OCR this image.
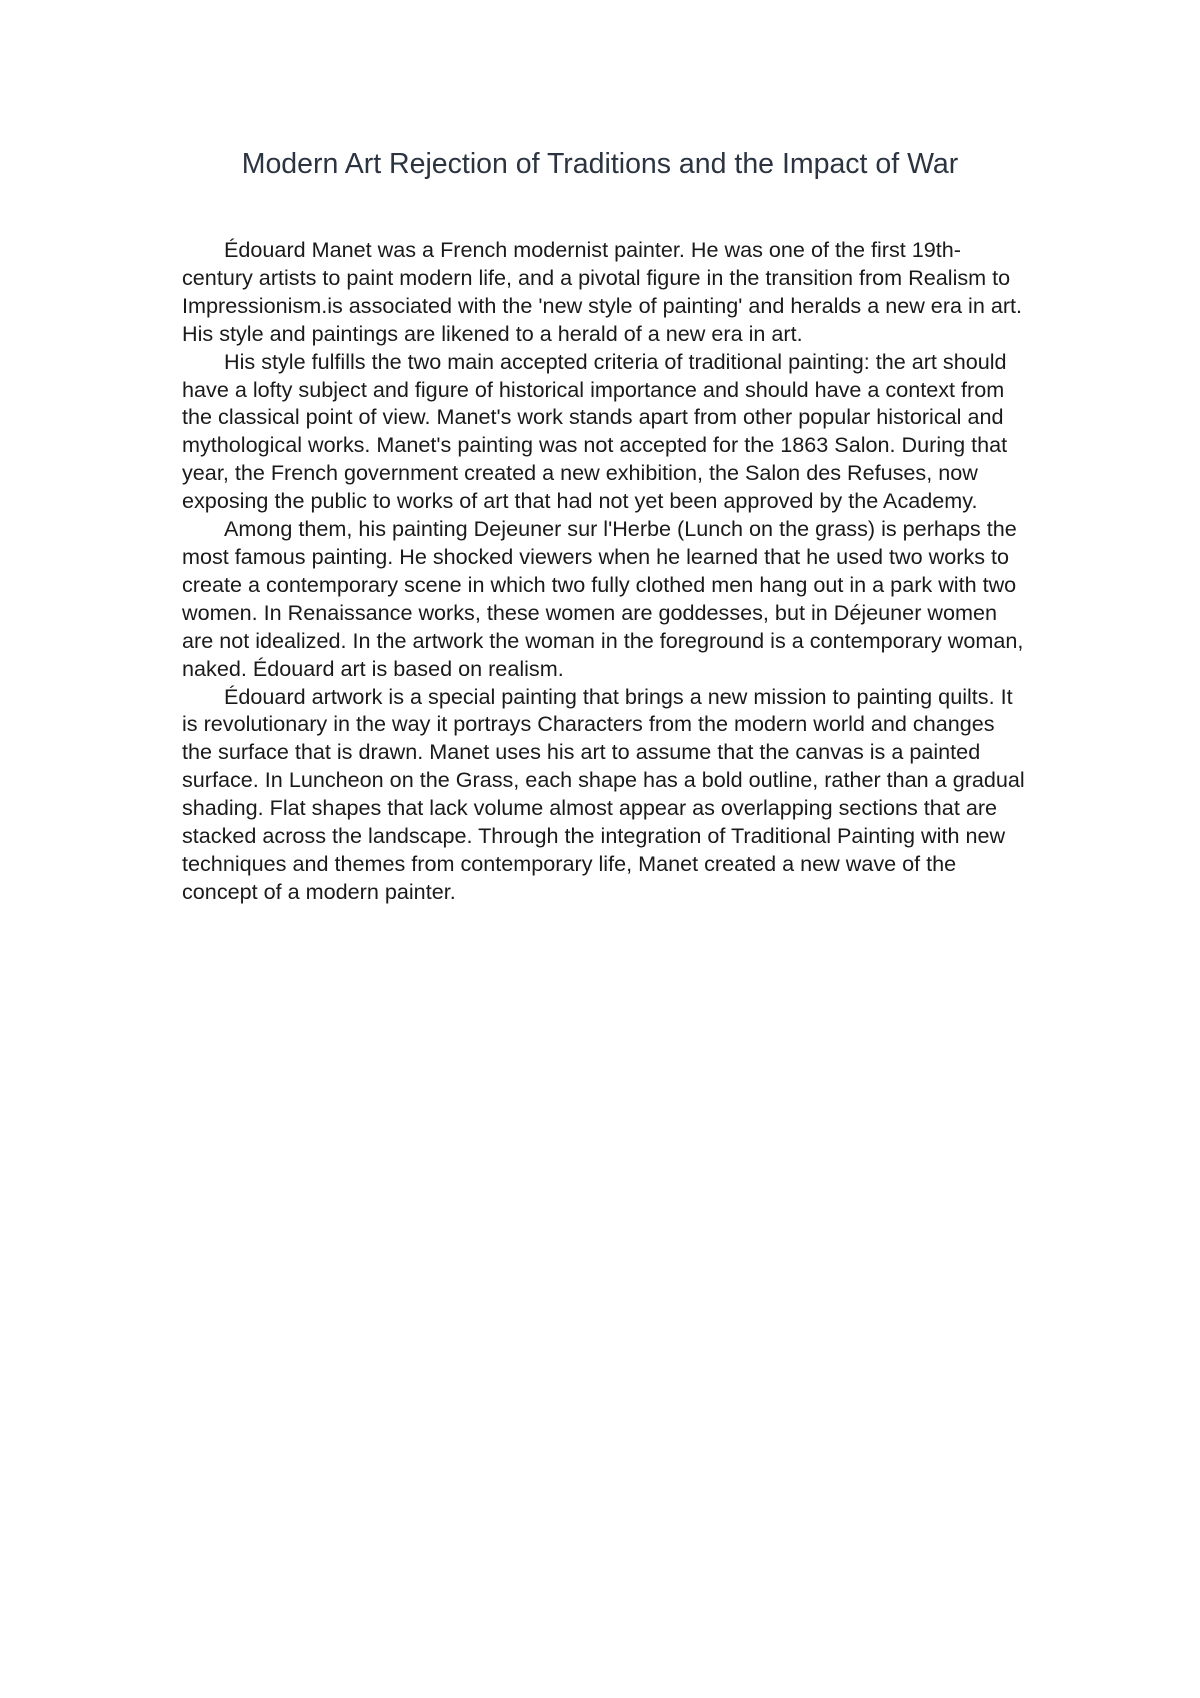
Modern Art Rejection of Traditions and the Impact of War

Édouard Manet was a French modernist painter. He was one of the first 19th-century artists to paint modern life, and a pivotal figure in the transition from Realism to Impressionism.is associated with the 'new style of painting' and heralds a new era in art. His style and paintings are likened to a herald of a new era in art.

His style fulfills the two main accepted criteria of traditional painting: the art should have a lofty subject and figure of historical importance and should have a context from the classical point of view. Manet's work stands apart from other popular historical and mythological works. Manet's painting was not accepted for the 1863 Salon. During that year, the French government created a new exhibition, the Salon des Refuses, now exposing the public to works of art that had not yet been approved by the Academy.

Among them, his painting Dejeuner sur l'Herbe (Lunch on the grass) is perhaps the most famous painting. He shocked viewers when he learned that he used two works to create a contemporary scene in which two fully clothed men hang out in a park with two women. In Renaissance works, these women are goddesses, but in Déjeuner women are not idealized. In the artwork the woman in the foreground is a contemporary woman, naked. Édouard art is based on realism.

Édouard artwork is a special painting that brings a new mission to painting quilts. It is revolutionary in the way it portrays Characters from the modern world and changes the surface that is drawn. Manet uses his art to assume that the canvas is a painted surface. In Luncheon on the Grass, each shape has a bold outline, rather than a gradual shading. Flat shapes that lack volume almost appear as overlapping sections that are stacked across the landscape. Through the integration of Traditional Painting with new techniques and themes from contemporary life, Manet created a new wave of the concept of a modern painter.
